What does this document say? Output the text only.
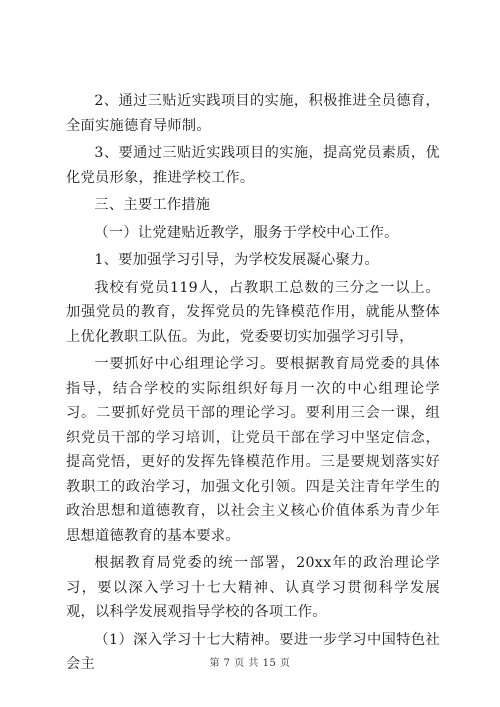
2、通过三贴近实践项目的实施，积极推进全员德育，全面实施德育导师制。

3、要通过三贴近实践项目的实施，提高党员素质，优化党员形象，推进学校工作。

三、主要工作措施

（一）让党建贴近教学，服务于学校中心工作。

1、要加强学习引导，为学校发展凝心聚力。

我校有党员119人，占教职工总数的三分之一以上。加强党员的教育，发挥党员的先锋模范作用，就能从整体上优化教职工队伍。为此，党委要切实加强学习引导，

一要抓好中心组理论学习。要根据教育局党委的具体指导，结合学校的实际组织好每月一次的中心组理论学习。二要抓好党员干部的理论学习。要利用三会一课，组织党员干部的学习培训，让党员干部在学习中坚定信念，提高党悟，更好的发挥先锋模范作用。三是要规划落实好教职工的政治学习，加强文化引领。四是关注青年学生的政治思想和道德教育，以社会主义核心价值体系为青少年思想道德教育的基本要求。

根据教育局党委的统一部署，20xx年的政治理论学习，要以深入学习十七大精神、认真学习贯彻科学发展观，以科学发展观指导学校的各项工作。

（1）深入学习十七大精神。要进一步学习中国特色社会主	第 7 页 共 15 页
